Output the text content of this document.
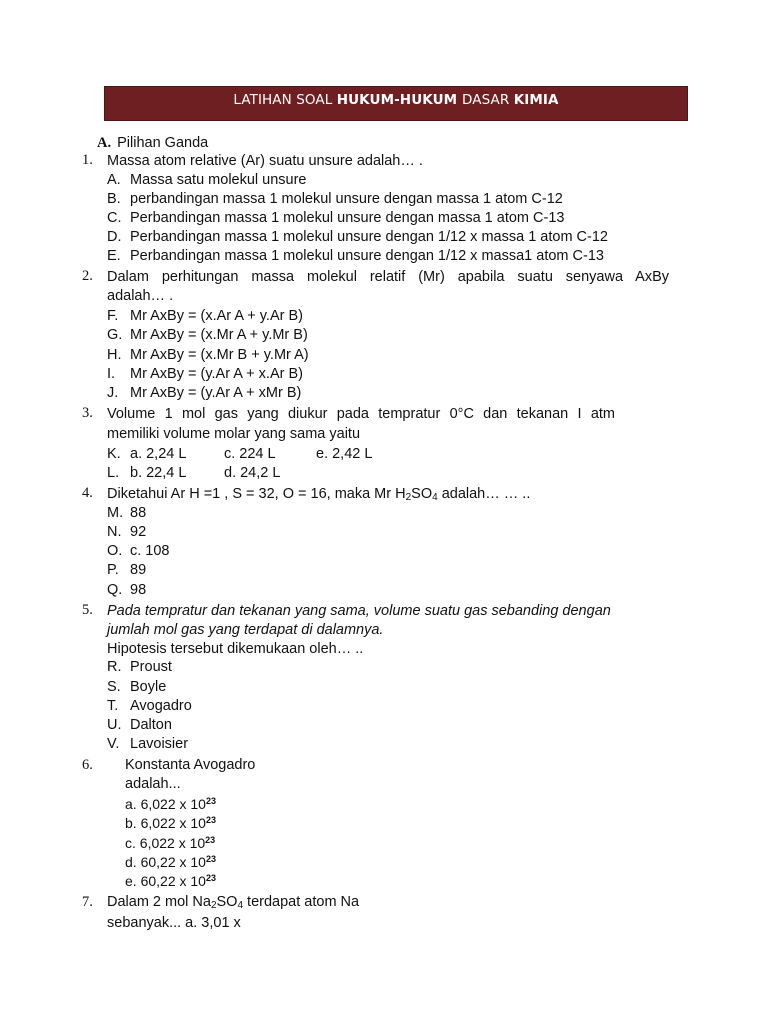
LATIHAN SOAL HUKUM-HUKUM DASAR KIMIA
A. Pilihan Ganda
1. Massa atom relative (Ar) suatu unsure adalah… .
A. Massa satu molekul unsure
B. perbandingan massa 1 molekul unsure dengan massa 1 atom C-12
C. Perbandingan massa 1 molekul unsure dengan massa 1 atom C-13
D. Perbandingan massa 1 molekul unsure dengan 1/12 x massa 1 atom C-12
E. Perbandingan massa 1 molekul unsure dengan 1/12 x massa1 atom C-13
2. Dalam perhitungan massa molekul relatif (Mr) apabila suatu senyawa AxBy
adalah… .
F. Mr AxBy = (x.Ar A + y.Ar B)
G. Mr AxBy = (x.Mr A + y.Mr B)
H. Mr AxBy = (x.Mr B + y.Mr A)
I. Mr AxBy = (y.Ar A + x.Ar B)
J. Mr AxBy = (y.Ar A + xMr B)
3. Volume 1 mol gas yang diukur pada tempratur 0°C dan tekanan I atm
memiliki volume molar yang sama yaitu
K. a. 2,24 L	c. 224 L	e. 2,42 L
L. b. 22,4 L	d. 24,2 L
4. Diketahui Ar H =1 , S = 32, O = 16, maka Mr $H_2SO_4$ adalah… … ..
M. 88
N. 92
O. c. 108
P. 89
Q. 98
5. Pada tempratur dan tekanan yang sama, volume suatu gas sebanding dengan
jumlah mol gas yang terdapat di dalamnya.
Hipotesis tersebut dikemukaan oleh… ..
R. Proust
S. Boyle
T. Avogadro
U. Dalton
V. Lavoisier
6. Konstanta Avogadro
adalah...
a. 6,022 x $10^{23}$
b. 6,022 x $10^{23}$
c. 6,022 x $10^{23}$
d. 60,22 x $10^{23}$
e. 60,22 x $10^{23}$
7. Dalam 2 mol $Na_2SO_4$ terdapat atom Na
sebanyak... a. 3,01 x
